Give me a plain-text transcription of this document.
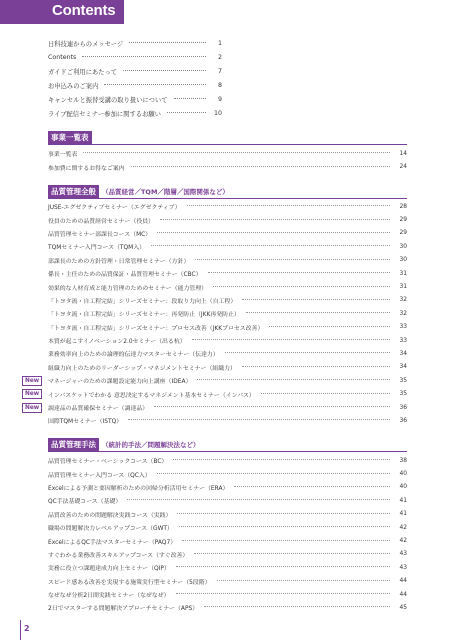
Contents
日科技連からのメッセージ	1
Contents	2
ガイドご利用にあたって	7
お申込みのご案内	8
キャンセルと振替受講の取り扱いについて	9
ライブ配信セミナー参加に関するお願い	10
事業一覧表
事業一覧表	14
参加費に関するお得なご案内	24
品質管理全般 （品質経営／TQM／階層／国際関係など）
JUSE-エグゼクティブセミナー（エグゼクティブ）	28
役員のための品質経営セミナー（役員）	29
品質管理セミナー部課長コース（MC）	29
TQMセミナー入門コース（TQM入）	30
部課長のための方針管理・日常管理セミナー（方針）	30
係長・主任のための品質保証・品質管理セミナー（CBC）	31
効果的な人材育成と能力管理のためのセミナー（能力管理）	31
「トヨタ流・自工程完結」シリーズセミナー：段取り力向上（自工程）	32
「トヨタ流・自工程完結」シリーズセミナー：再発防止（JKK再発防止）	32
「トヨタ流・自工程完結」シリーズセミナー：プロセス改善（JKKプロセス改善）	33
本質が起こすイノベーション2.0セミナー（出る杭）	33
業務効率向上のための論理的伝達力マスターセミナー（伝達力）	34
組織力向上のためのリーダーシップ・マネジメントセミナー（組織力）	34
New	マネージャーのための課題設定能力向上講座（IDEA）	35
New	インバスケットでわかる 意思決定するマネジメント基本セミナー（インバス）	35
New	調達品の品質確保セミナー（調達品）	36
国際TQMセミナー（ISTQ）	36
品質管理手法 （統計的手法／問題解決法など）
品質管理セミナー・ベーシックコース（BC）	38
品質管理セミナー入門コース（QC入）	40
Excelによる予測と要因解析のための回帰分析活用セミナー（ERA）	40
QC手法基礎コース（基礎）	41
品質改善のための問題解決実践コース（実践）	41
職場の問題解決力レベルアップコース（GWT）	42
ExcelによるQC手法マスターセミナー（PAQ7）	42
すぐわかる業務改善スキルアップコース（すぐ改善）	43
実務に役立つ課題達成力向上セミナー（QIP）	43
スピード感ある改善を実現する施策実行型セミナー（5段階）	44
なぜなぜ分析2日間実践セミナー（なぜなぜ）	44
2日でマスターする問題解決アプローチセミナー（APS）	45
2
